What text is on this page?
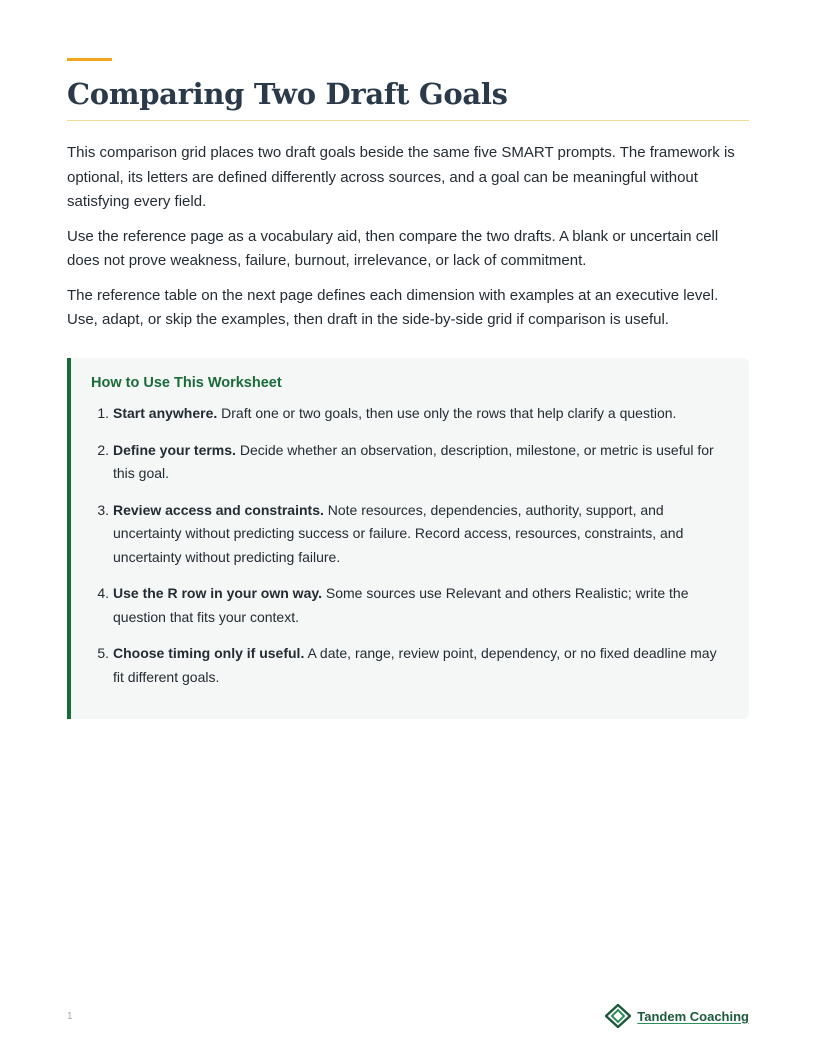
Comparing Two Draft Goals

This comparison grid places two draft goals beside the same five SMART prompts. The framework is optional, its letters are defined differently across sources, and a goal can be meaningful without satisfying every field.

Use the reference page as a vocabulary aid, then compare the two drafts. A blank or uncertain cell does not prove weakness, failure, burnout, irrelevance, or lack of commitment.

The reference table on the next page defines each dimension with examples at an executive level. Use, adapt, or skip the examples, then draft in the side-by-side grid if comparison is useful.

How to Use This Worksheet
1. Start anywhere. Draft one or two goals, then use only the rows that help clarify a question.
2. Define your terms. Decide whether an observation, description, milestone, or metric is useful for this goal.
3. Review access and constraints. Note resources, dependencies, authority, support, and uncertainty without predicting success or failure. Record access, resources, constraints, and uncertainty without predicting failure.
4. Use the R row in your own way. Some sources use Relevant and others Realistic; write the question that fits your context.
5. Choose timing only if useful. A date, range, review point, dependency, or no fixed deadline may fit different goals.
1	Tandem Coaching
